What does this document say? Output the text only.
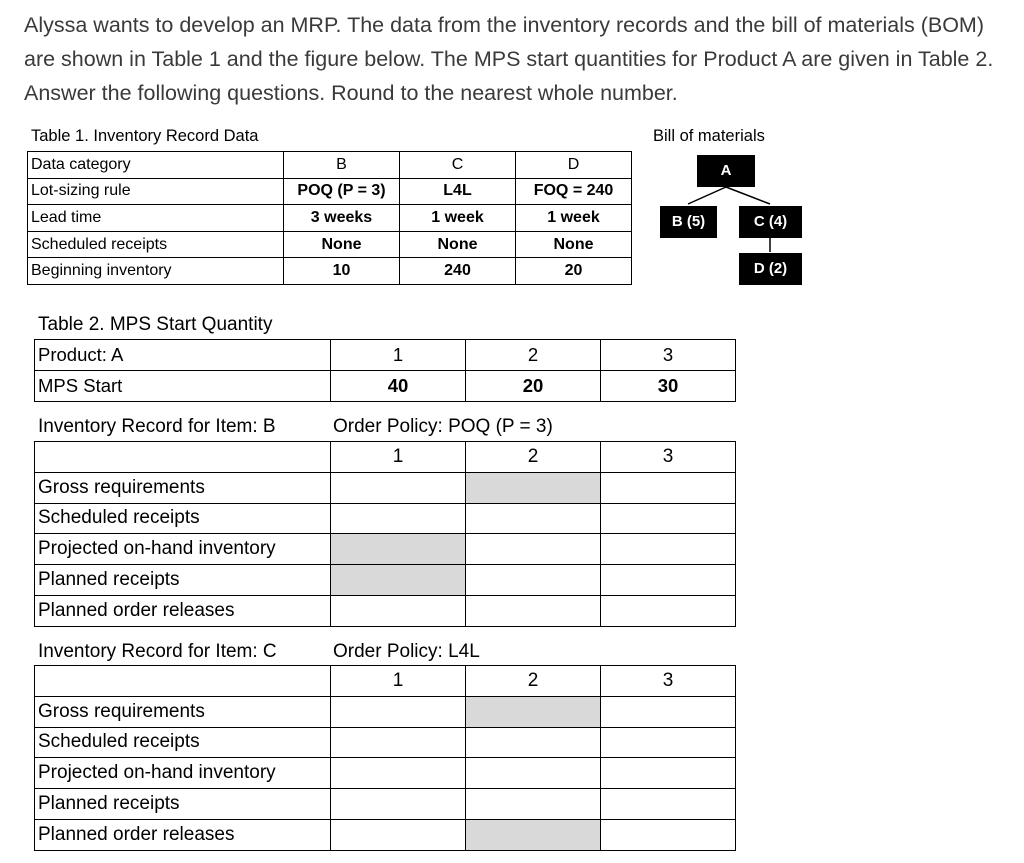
Alyssa wants to develop an MRP. The data from the inventory records and the bill of materials (BOM) are shown in Table 1 and the figure below. The MPS start quantities for Product A are given in Table 2. Answer the following questions. Round to the nearest whole number.

Table 1. Inventory Record Data
Data category	B	C	D
Lot-sizing rule	POQ (P = 3)	L4L	FOQ = 240
Lead time	3 weeks	1 week	1 week
Scheduled receipts	None	None	None
Beginning inventory	10	240	20
Bill of materials
A
B (5)	C (4)
D (2)
Table 2. MPS Start Quantity
Product: A	1	2	3
MPS Start	40	20	30
Inventory Record for Item: B	Order Policy: POQ (P = 3)
	1	2	3
Gross requirements			
Scheduled receipts			
Projected on-hand inventory			
Planned receipts			
Planned order releases			
Inventory Record for Item: C	Order Policy: L4L
	1	2	3
Gross requirements			
Scheduled receipts			
Projected on-hand inventory			
Planned receipts			
Planned order releases			
